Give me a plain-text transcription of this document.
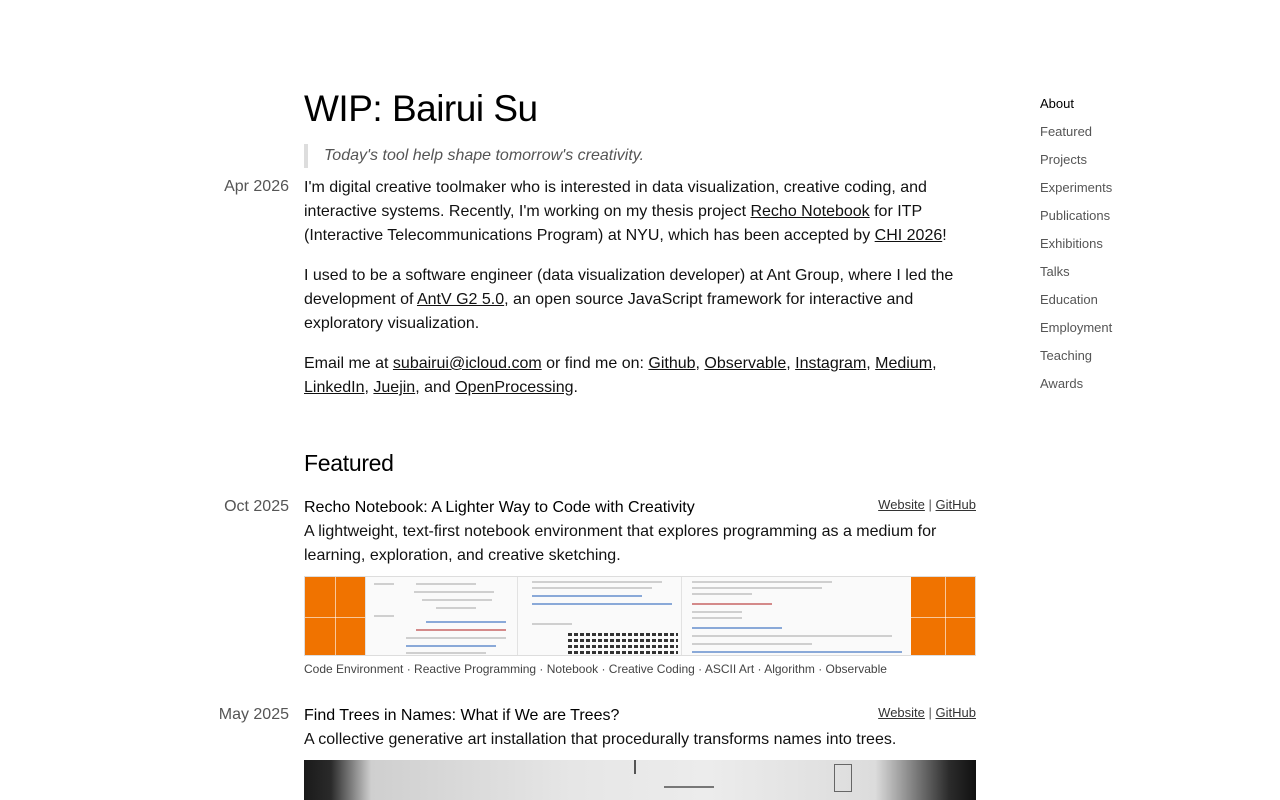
WIP: Bairui Su
Today's tool help shape tomorrow's creativity.
Apr 2026 I'm digital creative toolmaker who is interested in data visualization, creative coding, and interactive systems. Recently, I'm working on my thesis project Recho Notebook for ITP (Interactive Telecommunications Program) at NYU, which has been accepted by CHI 2026!

I used to be a software engineer (data visualization developer) at Ant Group, where I led the development of AntV G2 5.0, an open source JavaScript framework for interactive and exploratory visualization.

Email me at subairui@icloud.com or find me on: Github, Observable, Instagram, Medium, LinkedIn, Juejin, and OpenProcessing.

Featured
Oct 2025 Recho Notebook: A Lighter Way to Code with Creativity	Website | GitHub
A lightweight, text-first notebook environment that explores programming as a medium for learning, exploration, and creative sketching.
Code Environment · Reactive Programming · Notebook · Creative Coding · ASCII Art · Algorithm · Observable
May 2025 Find Trees in Names: What if We are Trees?	Website | GitHub
A collective generative art installation that procedurally transforms names into trees.
About
Featured
Projects
Experiments
Publications
Exhibitions
Talks
Education
Employment
Teaching
Awards
